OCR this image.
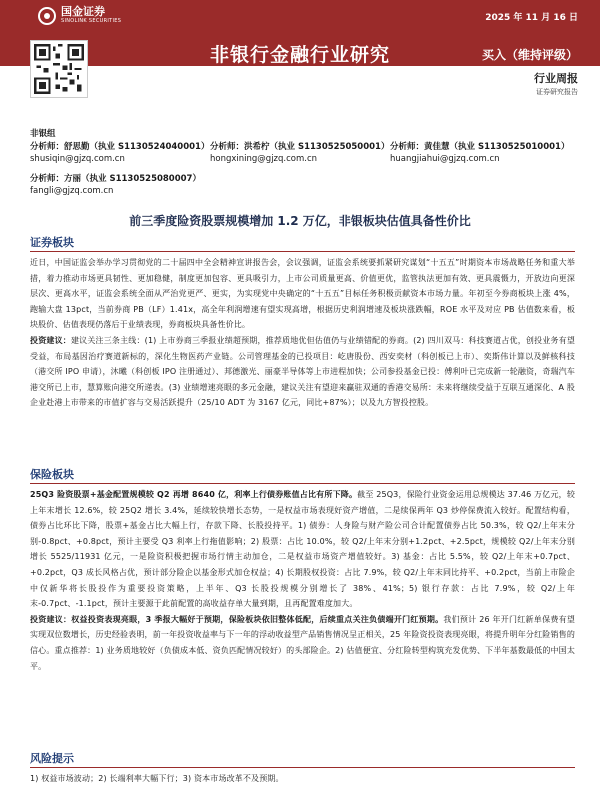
国金证券
SINOLINK SECURITIES	2025 年 11 月 16 日
非银行金融行业研究	买入（维持评级）
行业周报
证券研究报告
非银组
分析师：舒思勤（执业 S1130524040001）
shusiqin@gjzq.com.cn
分析师：洪希柠（执业 S1130525050001）
hongxining@gjzq.com.cn
分析师：黄佳慧（执业 S1130525010001）
huangjiahui@gjzq.com.cn
分析师：方丽（执业 S1130525080007）
fangli@gjzq.com.cn
前三季度险资股票规模增加 1.2 万亿，非银板块估值具备性价比
证券板块
近日，中国证监会举办学习贯彻党的二十届四中全会精神宣讲报告会，会议强调，证监会系统要抓紧研究谋划“十五五”时期资本市场战略任务和重大举措，着力推动市场更具韧性、更加稳健，制度更加包容、更具吸引力，上市公司质量更高、价值更优，监管执法更加有效、更具震慑力，开放边向更深层次、更高水平，证监会系统全面从严治党更严、更实，为实现党中央确定的“十五五”目标任务积极贡献资本市场力量。年初至今券商板块上涨 4%，跑输大盘 13pct，当前券商 PB（LF）1.41x，高全年利润增速有望实现高增，根据历史利润增速及板块涨跌幅，ROE 水平及对应 PB 估值数来看，板块股价、估值表现仍落后于业绩表现，券商板块具备性价比。
投资建议：建议关注三条主线：(1) 上市券商三季报业绩超预期，推荐质地优但估值仍与业绩错配的券商。(2) 四川双马：科技赛道占优，创投业务有望受益，布局基因治疗赛道新标的，深化生物医药产业链。公司管理基金的已投项目：屹唐股份、西安奕材（科创板已上市）、奕斯伟计算以及鲜核科技（港交所 IPO 申请），沐曦（科创板 IPO 注册通过）、邦德激光、丽豪半导体等上市进程加快；公司参投基金已投：傅利叶已完成新一轮融资，奇瑞汽车港交所已上市，慧算账向港交所递表。(3) 业绩增速亮眼的多元金融，建议关注有望迎来赢驻双通的香港交易所：未来将继续受益于互联互通深化、A 股企业赴港上市带来的市值扩容与交易活跃提升（25/10 ADT 为 3167 亿元，同比+87%）；以及九方智投控股。
保险板块
25Q3 险资股票+基金配置规模较 Q2 再增 8640 亿，利率上行债券账值占比有所下降。截至 25Q3，保险行业资金运用总规模达 37.46 万亿元，较上年末增长 12.6%，较 25Q2 增长 3.4%，延续较快增长态势，一是权益市场表现好资产增值，二是续保两年 Q3 炒停保费流入较好。配置结构看，债券占比环比下降，股票+基金占比大幅上行，存款下降、长股投持平。1) 债券：人身险与财产险公司合计配置债券占比 50.3%，较 Q2/上年末分别-0.8pct、+0.8pct，预计主要受 Q3 利率上行拖值影响；2) 股票：占比 10.0%，较 Q2/上年末分别+1.2pct、+2.5pct，规模较 Q2/上年末分别增长 5525/11931 亿元，一是险资积极把握市场行情主动加仓，二是权益市场资产增值较好。3) 基金：占比 5.5%，较 Q2/上年末+0.7pct、+0.2pct，Q3 成长风格占优，预计部分险企以基金形式加仓权益；4) 长期股权投资：占比 7.9%，较 Q2/上年末同比持平、+0.2pct，当前上市险企中仅新华将长股投作为重要投资策略，上半年、Q3 长股投规模分别增长了 38%、41%；5) 银行存款：占比 7.9%，较 Q2/上年末-0.7pct、-1.1pct，预计主要源于此前配置的高收益存单大量到期，且再配置难度加大。
投资建议：权益投资表现亮眼，3 季报大幅好于预期，保险板块依旧整体低配，后续重点关注负债端开门红预期。我们预计 26 年开门红新单保费有望实现双位数增长，历史经验表明，前一年投资收益率与下一年的浮动收益型产品销售情况呈正相关，25 年险资投资表现亮眼，将提升明年分红险销售的信心。重点推荐：1) 业务质地较好（负债成本低、资负匹配情况较好）的头部险企。2) 估值便宜、分红险转型构筑充发优势、下半年基数最低的中国太平。
风险提示
1) 权益市场波动；2) 长端利率大幅下行；3) 资本市场改革不及预期。
